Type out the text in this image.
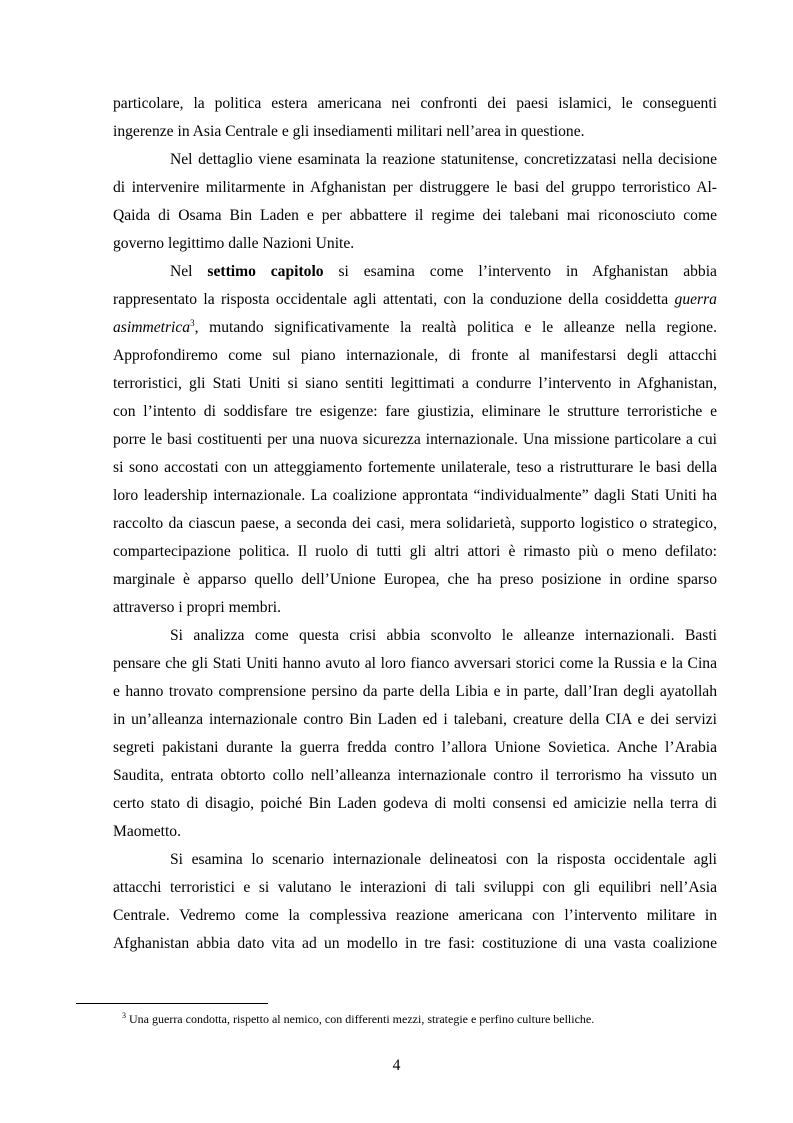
particolare, la politica estera americana nei confronti dei paesi islamici, le conseguenti
ingerenze in Asia Centrale e gli insediamenti militari nell’area in questione.
Nel dettaglio viene esaminata la reazione statunitense, concretizzatasi nella decisione
di intervenire militarmente in Afghanistan per distruggere le basi del gruppo terroristico Al-
Qaida di Osama Bin Laden e per abbattere il regime dei talebani mai riconosciuto come
governo legittimo dalle Nazioni Unite.
Nel settimo capitolo si esamina come l’intervento in Afghanistan abbia
rappresentato la risposta occidentale agli attentati, con la conduzione della cosiddetta guerra
asimmetrica$^3$, mutando significativamente la realtà politica e le alleanze nella regione.
Approfondiremo come sul piano internazionale, di fronte al manifestarsi degli attacchi
terroristici, gli Stati Uniti si siano sentiti legittimati a condurre l’intervento in Afghanistan,
con l’intento di soddisfare tre esigenze: fare giustizia, eliminare le strutture terroristiche e
porre le basi costituenti per una nuova sicurezza internazionale. Una missione particolare a cui
si sono accostati con un atteggiamento fortemente unilaterale, teso a ristrutturare le basi della
loro leadership internazionale. La coalizione approntata “individualmente” dagli Stati Uniti ha
raccolto da ciascun paese, a seconda dei casi, mera solidarietà, supporto logistico o strategico,
compartecipazione politica. Il ruolo di tutti gli altri attori è rimasto più o meno defilato:
marginale è apparso quello dell’Unione Europea, che ha preso posizione in ordine sparso
attraverso i propri membri.
Si analizza come questa crisi abbia sconvolto le alleanze internazionali. Basti
pensare che gli Stati Uniti hanno avuto al loro fianco avversari storici come la Russia e la Cina
e hanno trovato comprensione persino da parte della Libia e in parte, dall’Iran degli ayatollah
in un’alleanza internazionale contro Bin Laden ed i talebani, creature della CIA e dei servizi
segreti pakistani durante la guerra fredda contro l’allora Unione Sovietica. Anche l’Arabia
Saudita, entrata obtorto collo nell’alleanza internazionale contro il terrorismo ha vissuto un
certo stato di disagio, poiché Bin Laden godeva di molti consensi ed amicizie nella terra di
Maometto.
Si esamina lo scenario internazionale delineatosi con la risposta occidentale agli
attacchi terroristici e si valutano le interazioni di tali sviluppi con gli equilibri nell’Asia
Centrale. Vedremo come la complessiva reazione americana con l’intervento militare in
Afghanistan abbia dato vita ad un modello in tre fasi: costituzione di una vasta coalizione
$^3$ Una guerra condotta, rispetto al nemico, con differenti mezzi, strategie e perfino culture belliche.
4
